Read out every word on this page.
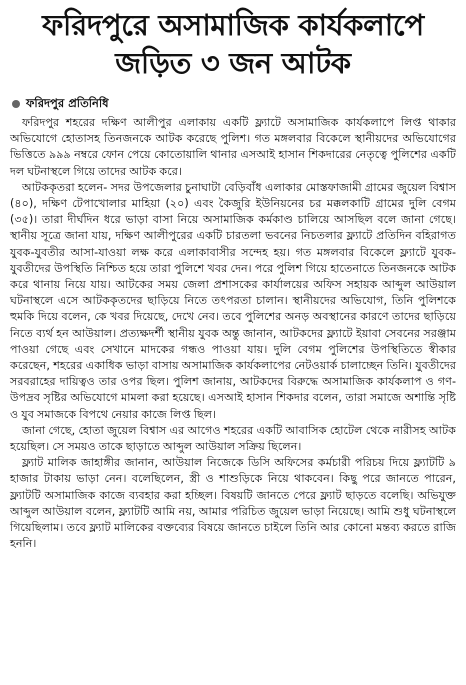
ফরিদপুরে অসামাজিক কার্যকলাপে
জড়িত ৩ জন আটক
ফরিদপুর প্রতিনিধি

ফরিদপুর শহরের দক্ষিণ আলীপুর এলাকায় একটি ফ্ল্যাটে অসামাজিক কার্যকলাপে লিপ্ত থাকার অভিযোগে হোতাসহ তিনজনকে আটক করেছে পুলিশ। গত মঙ্গলবার বিকেলে স্থানীয়দের অভিযোগের ভিত্তিতে ৯৯৯ নম্বরে ফোন পেয়ে কোতোয়ালি থানার এসআই হাসান শিকদারের নেতৃত্বে পুলিশের একটি দল ঘটনাস্থলে গিয়ে তাদের আটক করে।

আটককৃতরা হলেন- সদর উপজেলার চুনাঘাটা বেড়িবাঁধ এলাকার মোস্তফাজামী গ্রামের জুয়েল বিশ্বাস (৪০), দক্ষিণ টেপাখোলার মাহিয়া (২০) এবং কৈজুরি ইউনিয়নের চর মক্কলকাটি গ্রামের দুলি বেগম (৩৫)। তারা দীর্ঘদিন ধরে ভাড়া বাসা নিয়ে অসামাজিক কর্মকাণ্ড চালিয়ে আসছিল বলে জানা গেছে। স্থানীয় সূত্রে জানা যায়, দক্ষিণ আলীপুরের একটি চারতলা ভবনের নিচতলার ফ্ল্যাটে প্রতিদিন বহিরাগত যুবক-যুবতীর আসা-যাওয়া লক্ষ করে এলাকাবাসীর সন্দেহ হয়। গত মঙ্গলবার বিকেলে ফ্ল্যাটে যুবক-যুবতীদের উপস্থিতি নিশ্চিত হয়ে তারা পুলিশে খবর দেন। পরে পুলিশ গিয়ে হাতেনাতে তিনজনকে আটক করে থানায় নিয়ে যায়। আটকের সময় জেলা প্রশাসকের কার্যালয়ের অফিস সহায়ক আব্দুল আউয়াল ঘটনাস্থলে এসে আটককৃতদের ছাড়িয়ে নিতে তৎপরতা চালান। স্থানীয়দের অভিযোগ, তিনি পুলিশকে হুমকি দিয়ে বলেন, কে খবর দিয়েছে, দেখে নেব। তবে পুলিশের অনড় অবস্থানের কারণে তাদের ছাড়িয়ে নিতে ব্যর্থ হন আউয়াল। প্রত্যক্ষদর্শী স্থানীয় যুবক অন্তু জানান, আটকদের ফ্ল্যাটে ইয়াবা সেবনের সরঞ্জাম পাওয়া গেছে এবং সেখানে মাদকের গন্ধও পাওয়া যায়। দুলি বেগম পুলিশের উপস্থিতিতে স্বীকার করেছেন, শহরের একাধিক ভাড়া বাসায় অসামাজিক কার্যকলাপের নেটওয়ার্ক চালাচ্ছেন তিনি। যুবতীদের সরবরাহের দায়িত্বও তার ওপর ছিল। পুলিশ জানায়, আটকদের বিরুদ্ধে অসামাজিক কার্যকলাপ ও গণ-উপদ্রব সৃষ্টির অভিযোগে মামলা করা হয়েছে। এসআই হাসান শিকদার বলেন, তারা সমাজে অশান্তি সৃষ্টি ও যুব সমাজকে বিপথে নেয়ার কাজে লিপ্ত ছিল।

জানা গেছে, হোতা জুয়েল বিশ্বাস এর আগেও শহরের একটি আবাসিক হোটেল থেকে নারীসহ আটক হয়েছিল। সে সময়ও তাকে ছাড়াতে আব্দুল আউয়াল সক্রিয় ছিলেন।

ফ্ল্যাট মালিক জাহাঙ্গীর জানান, আউয়াল নিজেকে ডিসি অফিসের কর্মচারী পরিচয় দিয়ে ফ্ল্যাটটি ৯ হাজার টাকায় ভাড়া নেন। বলেছিলেন, স্ত্রী ও শাশুড়িকে নিয়ে থাকবেন। কিছু পরে জানতে পারেন, ফ্ল্যাটটি অসামাজিক কাজে ব্যবহার করা হচ্ছিল। বিষয়টি জানতে পেরে ফ্ল্যাট ছাড়তে বলেছি। অভিযুক্ত আব্দুল আউয়াল বলেন, ফ্ল্যাটটি আমি নয়, আমার পরিচিত জুয়েল ভাড়া নিয়েছে। আমি শুধু ঘটনাস্থলে গিয়েছিলাম। তবে ফ্ল্যাট মালিকের বক্তব্যের বিষয়ে জানতে চাইলে তিনি আর কোনো মন্তব্য করতে রাজি হননি।
